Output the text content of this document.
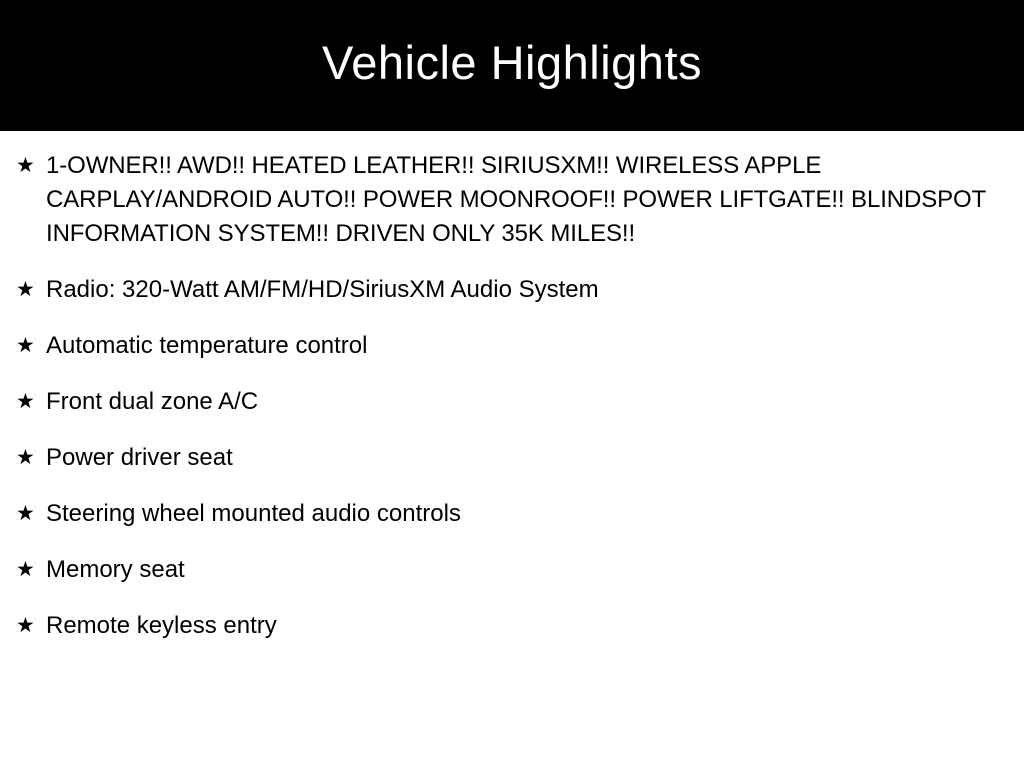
Vehicle Highlights
★ 1-OWNER!! AWD!! HEATED LEATHER!! SIRIUSXM!! WIRELESS APPLE CARPLAY/ANDROID AUTO!! POWER MOONROOF!! POWER LIFTGATE!! BLINDSPOT INFORMATION SYSTEM!! DRIVEN ONLY 35K MILES!!
★ Radio: 320-Watt AM/FM/HD/SiriusXM Audio System
★ Automatic temperature control
★ Front dual zone A/C
★ Power driver seat
★ Steering wheel mounted audio controls
★ Memory seat
★ Remote keyless entry
